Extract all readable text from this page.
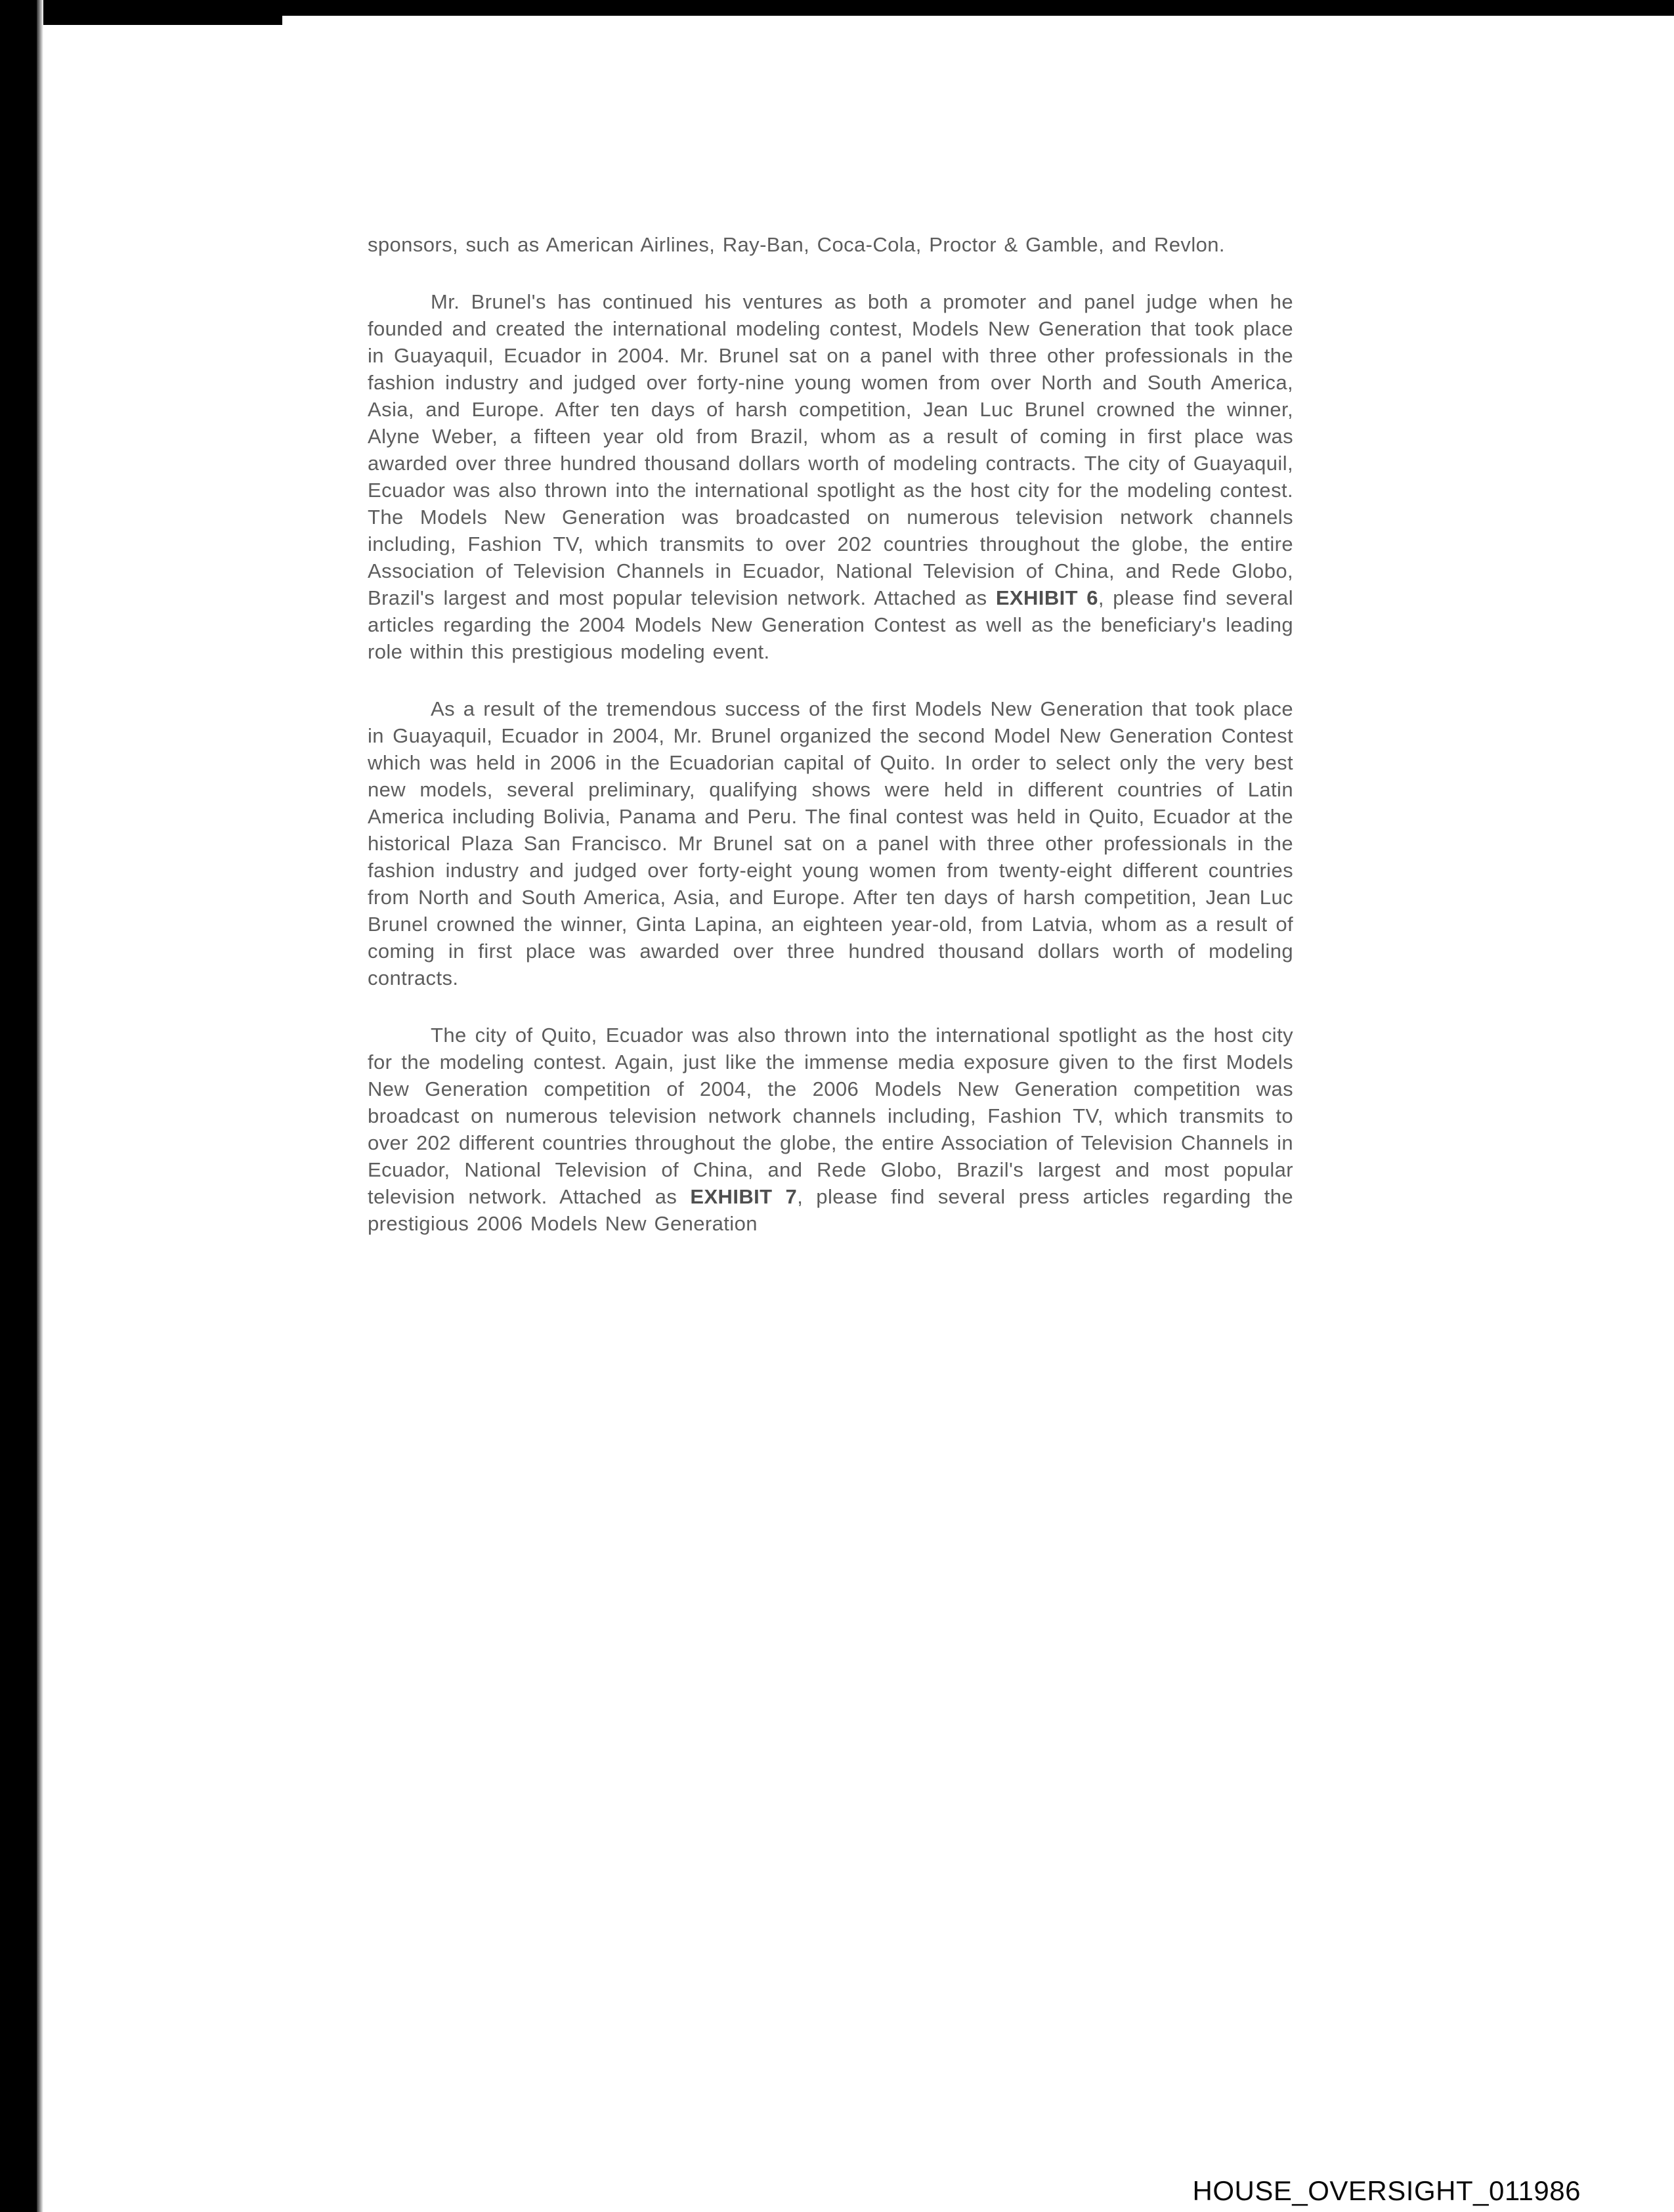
sponsors, such as American Airlines, Ray-Ban, Coca-Cola, Proctor & Gamble, and Revlon.

Mr. Brunel's has continued his ventures as both a promoter and panel judge when he founded and created the international modeling contest, Models New Generation that took place in Guayaquil, Ecuador in 2004. Mr. Brunel sat on a panel with three other professionals in the fashion industry and judged over forty-nine young women from over North and South America, Asia, and Europe. After ten days of harsh competition, Jean Luc Brunel crowned the winner, Alyne Weber, a fifteen year old from Brazil, whom as a result of coming in first place was awarded over three hundred thousand dollars worth of modeling contracts. The city of Guayaquil, Ecuador was also thrown into the international spotlight as the host city for the modeling contest. The Models New Generation was broadcasted on numerous television network channels including, Fashion TV, which transmits to over 202 countries throughout the globe, the entire Association of Television Channels in Ecuador, National Television of China, and Rede Globo, Brazil's largest and most popular television network. Attached as EXHIBIT 6, please find several articles regarding the 2004 Models New Generation Contest as well as the beneficiary's leading role within this prestigious modeling event.

As a result of the tremendous success of the first Models New Generation that took place in Guayaquil, Ecuador in 2004, Mr. Brunel organized the second Model New Generation Contest which was held in 2006 in the Ecuadorian capital of Quito. In order to select only the very best new models, several preliminary, qualifying shows were held in different countries of Latin America including Bolivia, Panama and Peru. The final contest was held in Quito, Ecuador at the historical Plaza San Francisco. Mr Brunel sat on a panel with three other professionals in the fashion industry and judged over forty-eight young women from twenty-eight different countries from North and South America, Asia, and Europe. After ten days of harsh competition, Jean Luc Brunel crowned the winner, Ginta Lapina, an eighteen year-old, from Latvia, whom as a result of coming in first place was awarded over three hundred thousand dollars worth of modeling contracts.

The city of Quito, Ecuador was also thrown into the international spotlight as the host city for the modeling contest. Again, just like the immense media exposure given to the first Models New Generation competition of 2004, the 2006 Models New Generation competition was broadcast on numerous television network channels including, Fashion TV, which transmits to over 202 different countries throughout the globe, the entire Association of Television Channels in Ecuador, National Television of China, and Rede Globo, Brazil's largest and most popular television network. Attached as EXHIBIT 7, please find several press articles regarding the prestigious 2006 Models New Generation

HOUSE_OVERSIGHT_011986
